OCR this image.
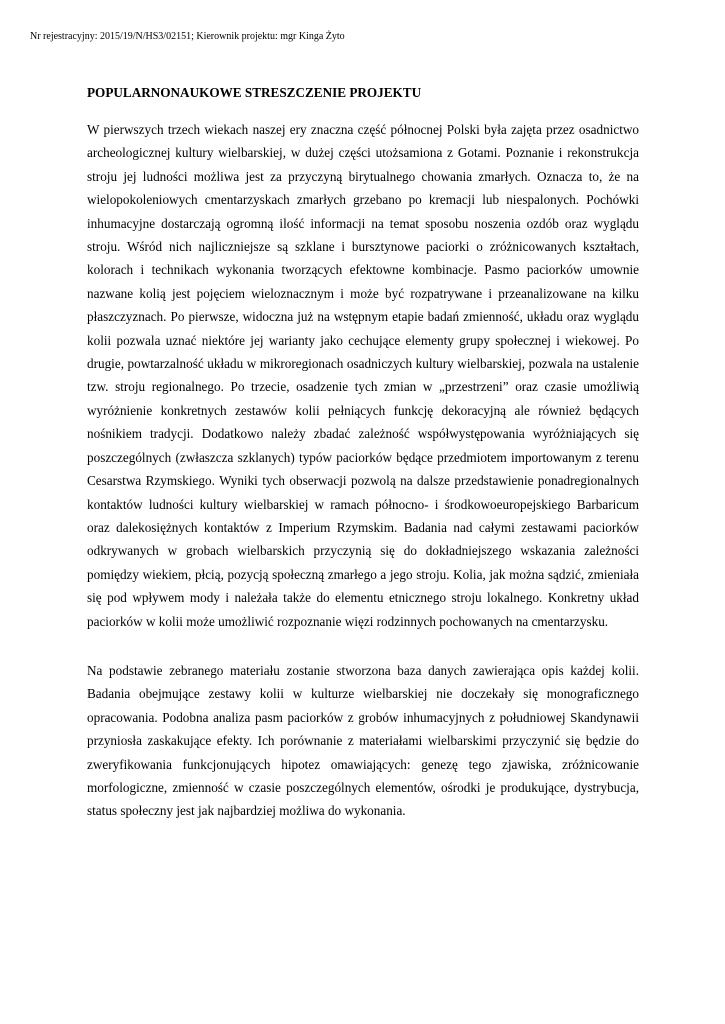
Nr rejestracyjny: 2015/19/N/HS3/02151; Kierownik projektu: mgr Kinga Żyto
POPULARNONAUKOWE STRESZCZENIE PROJEKTU

W pierwszych trzech wiekach naszej ery znaczna część północnej Polski była zajęta przez osadnictwo archeologicznej kultury wielbarskiej, w dużej części utożsamiona z Gotami. Poznanie i rekonstrukcja stroju jej ludności możliwa jest za przyczyną birytualnego chowania zmarłych. Oznacza to, że na wielopokoleniowych cmentarzyskach zmarłych grzebano po kremacji lub niespalonych. Pochówki inhumacyjne dostarczają ogromną ilość informacji na temat sposobu noszenia ozdób oraz wyglądu stroju. Wśród nich najliczniejsze są szklane i bursztynowe paciorki o zróżnicowanych kształtach, kolorach i technikach wykonania tworzących efektowne kombinacje. Pasmo paciorków umownie nazwane kolią jest pojęciem wieloznacznym i może być rozpatrywane i przeanalizowane na kilku płaszczyznach. Po pierwsze, widoczna już na wstępnym etapie badań zmienność, układu oraz wyglądu kolii pozwala uznać niektóre jej warianty jako cechujące elementy grupy społecznej i wiekowej. Po drugie, powtarzalność układu w mikroregionach osadniczych kultury wielbarskiej, pozwala na ustalenie tzw. stroju regionalnego. Po trzecie, osadzenie tych zmian w „przestrzeni” oraz czasie umożliwią wyróżnienie konkretnych zestawów kolii pełniących funkcję dekoracyjną ale również będących nośnikiem tradycji. Dodatkowo należy zbadać zależność współwystępowania wyróżniających się poszczególnych (zwłaszcza szklanych) typów paciorków będące przedmiotem importowanym z terenu Cesarstwa Rzymskiego. Wyniki tych obserwacji pozwolą na dalsze przedstawienie ponadregionalnych kontaktów ludności kultury wielbarskiej w ramach północno- i środkowoeuropejskiego Barbaricum oraz dalekosiężnych kontaktów z Imperium Rzymskim. Badania nad całymi zestawami paciorków odkrywanych w grobach wielbarskich przyczynią się do dokładniejszego wskazania zależności pomiędzy wiekiem, płcią, pozycją społeczną zmarłego a jego stroju. Kolia, jak można sądzić, zmieniała się pod wpływem mody i należała także do elementu etnicznego stroju lokalnego. Konkretny układ paciorków w kolii może umożliwić rozpoznanie więzi rodzinnych pochowanych na cmentarzysku.

Na podstawie zebranego materiału zostanie stworzona baza danych zawierająca opis każdej kolii. Badania obejmujące zestawy kolii w kulturze wielbarskiej nie doczekały się monograficznego opracowania. Podobna analiza pasm paciorków z grobów inhumacyjnych z południowej Skandynawii przyniosła zaskakujące efekty. Ich porównanie z materiałami wielbarskimi przyczynić się będzie do zweryfikowania funkcjonujących hipotez omawiających: genezę tego zjawiska, zróżnicowanie morfologiczne, zmienność w czasie poszczególnych elementów, ośrodki je produkujące, dystrybucja, status społeczny jest jak najbardziej możliwa do wykonania.
